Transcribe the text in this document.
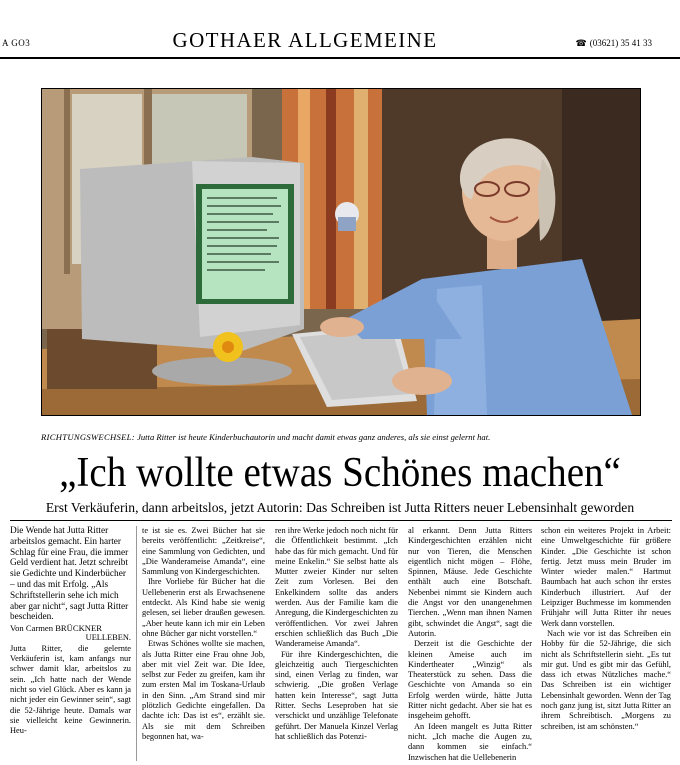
A GO3	GOTHAER ALLGEMEINE	☎ (03621) 35 41 33
RICHTUNGSWECHSEL: Jutta Ritter ist heute Kinderbuchautorin und macht damit etwas ganz anderes, als sie einst gelernt hat.
„Ich wollte etwas Schönes machen“
Erst Verkäuferin, dann arbeitslos, jetzt Autorin: Das Schreiben ist Jutta Ritters neuer Lebensinhalt geworden

Die Wende hat Jutta Ritter arbeitslos gemacht. Ein harter Schlag für eine Frau, die immer Geld verdient hat. Jetzt schreibt sie Gedichte und Kinderbücher – und das mit Erfolg. „Als Schriftstellerin sehe ich mich aber gar nicht“, sagt Jutta Ritter bescheiden.

Von Carmen BRÜCKNER

UELLEBEN.

Jutta Ritter, die gelernte Verkäuferin ist, kam anfangs nur schwer damit klar, arbeitslos zu sein. „Ich hatte nach der Wende nicht so viel Glück. Aber es kann ja nicht jeder ein Gewinner sein“, sagt die 52-Jährige heute. Damals war sie vielleicht keine Gewinnerin. Heu-

te ist sie es. Zwei Bücher hat sie bereits veröffentlicht: „Zeitkreise“, eine Sammlung von Gedichten, und „Die Wanderameise Amanda“, eine Sammlung von Kindergeschichten.

Ihre Vorliebe für Bücher hat die Uellebenerin erst als Erwachsenene entdeckt. Als Kind habe sie wenig gelesen, sei lieber draußen gewesen. „Aber heute kann ich mir ein Leben ohne Bücher gar nicht vorstellen.“

Etwas Schönes wollte sie machen, als Jutta Ritter eine Frau ohne Job, aber mit viel Zeit war. Die Idee, selbst zur Feder zu greifen, kam ihr zum ersten Mal im Toskana-Urlaub in den Sinn. „Am Strand sind mir plötzlich Gedichte eingefallen. Da dachte ich: Das ist es“, erzählt sie. Als sie mit dem Schreiben begonnen hat, wa-

ren ihre Werke jedoch noch nicht für die Öffentlichkeit bestimmt. „Ich habe das für mich gemacht. Und für meine Enkelin.“ Sie selbst hatte als Mutter zweier Kinder nur selten Zeit zum Vorlesen. Bei den Enkelkindern sollte das anders werden. Aus der Familie kam die Anregung, die Kindergeschichten zu veröffentlichen. Vor zwei Jahren erschien schließlich das Buch „Die Wanderameise Amanda“.

Für ihre Kindergeschichten, die gleichzeitig auch Tiergeschichten sind, einen Verlag zu finden, war schwierig. „Die großen Verlage hatten kein Interesse“, sagt Jutta Ritter. Sechs Leseproben hat sie verschickt und unzählige Telefonate geführt. Der Manuela Kinzel Verlag hat schließlich das Potenzi-

al erkannt. Denn Jutta Ritters Kindergeschichten erzählen nicht nur von Tieren, die Menschen eigentlich nicht mögen – Flöhe, Spinnen, Mäuse. Jede Geschichte enthält auch eine Botschaft. Nebenbei nimmt sie Kindern auch die Angst vor den unangenehmen Tierchen. „Wenn man ihnen Namen gibt, schwindet die Angst“, sagt die Autorin.

Derzeit ist die Geschichte der kleinen Ameise auch im Kindertheater „Winzig“ als Theaterstück zu sehen. Dass die Geschichte von Amanda so ein Erfolg werden würde, hätte Jutta Ritter nicht gedacht. Aber sie hat es insgeheim gehofft.

An Ideen mangelt es Jutta Ritter nicht. „Ich mache die Augen zu, dann kommen sie einfach.“ Inzwischen hat die Uellebenerin

schon ein weiteres Projekt in Arbeit: eine Umweltgeschichte für größere Kinder. „Die Geschichte ist schon fertig. Jetzt muss mein Bruder im Winter wieder malen.“ Hartmut Baumbach hat auch schon ihr erstes Kinderbuch illustriert. Auf der Leipziger Buchmesse im kommenden Frühjahr will Jutta Ritter ihr neues Werk dann vorstellen.

Nach wie vor ist das Schreiben ein Hobby für die 52-Jährige, die sich nicht als Schriftstellerin sieht. „Es tut mir gut. Und es gibt mir das Gefühl, dass ich etwas Nützliches mache.“ Das Schreiben ist ein wichtiger Lebensinhalt geworden. Wenn der Tag noch ganz jung ist, sitzt Jutta Ritter an ihrem Schreibtisch. „Morgens zu schreiben, ist am schönsten.“
